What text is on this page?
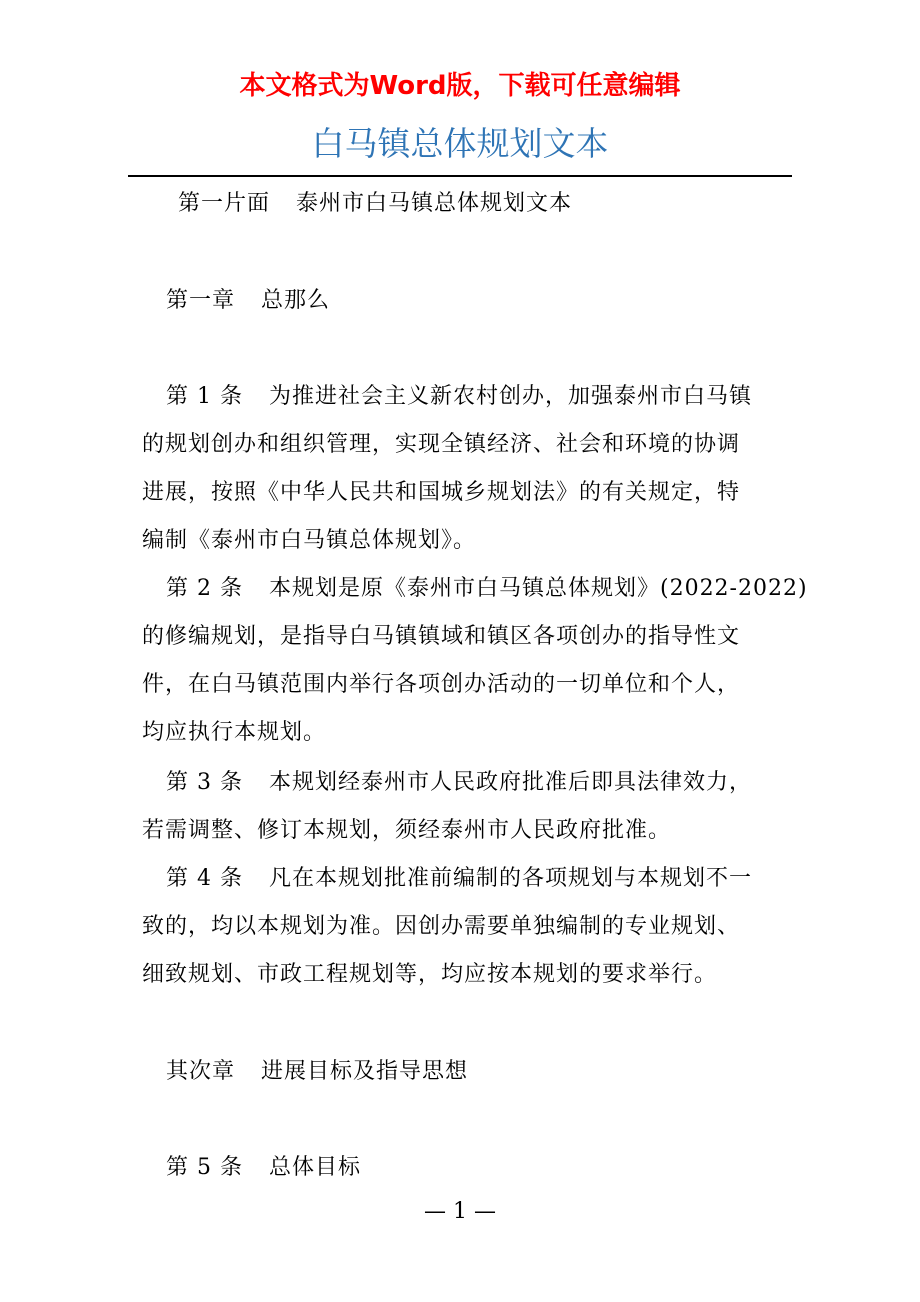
本文格式为Word版，下载可任意编辑
白马镇总体规划文本
第一片面 泰州市白马镇总体规划文本
第一章 总那么
第 1 条 为推进社会主义新农村创办，加强泰州市白马镇
的规划创办和组织管理，实现全镇经济、社会和环境的协调
进展，按照《中华人民共和国城乡规划法》的有关规定，特
编制《泰州市白马镇总体规划》。
第 2 条 本规划是原《泰州市白马镇总体规划》(2022-2022)
的修编规划，是指导白马镇镇域和镇区各项创办的指导性文
件，在白马镇范围内举行各项创办活动的一切单位和个人，
均应执行本规划。
第 3 条 本规划经泰州市人民政府批准后即具法律效力，
若需调整、修订本规划，须经泰州市人民政府批准。
第 4 条 凡在本规划批准前编制的各项规划与本规划不一
致的，均以本规划为准。因创办需要单独编制的专业规划、
细致规划、市政工程规划等，均应按本规划的要求举行。
其次章 进展目标及指导思想
第 5 条 总体目标
— 1 —
